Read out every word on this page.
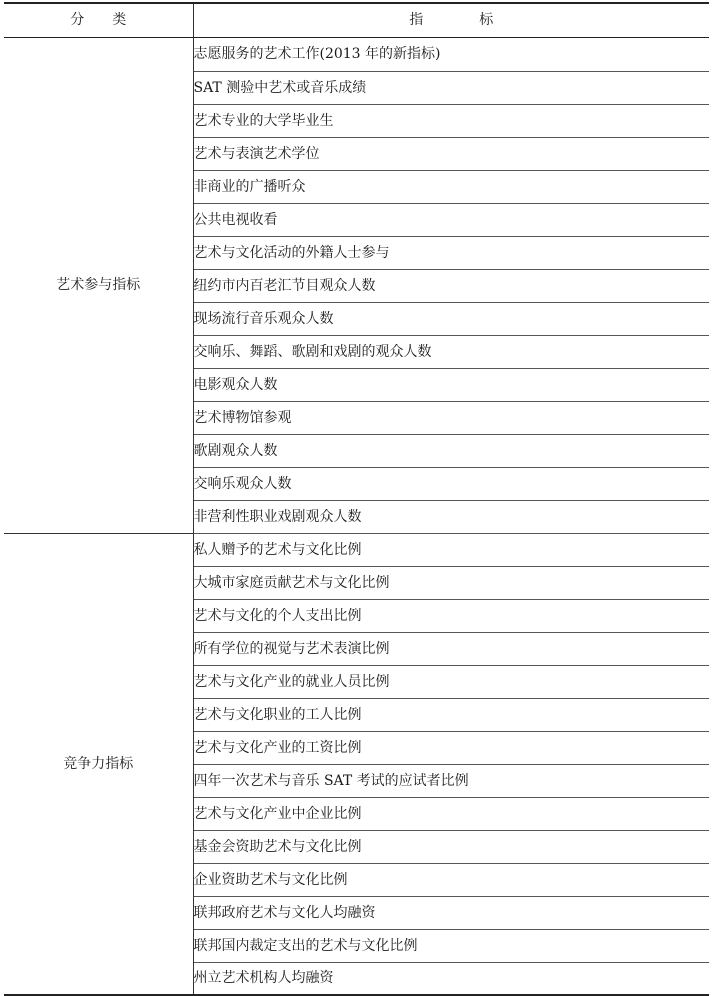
分　　类	指　　　　标
艺术参与指标	志愿服务的艺术工作(2013 年的新指标)
	SAT 测验中艺术或音乐成绩
	艺术专业的大学毕业生
	艺术与表演艺术学位
	非商业的广播听众
	公共电视收看
	艺术与文化活动的外籍人士参与
	纽约市内百老汇节目观众人数
	现场流行音乐观众人数
	交响乐、舞蹈、歌剧和戏剧的观众人数
	电影观众人数
	艺术博物馆参观
	歌剧观众人数
	交响乐观众人数
	非营利性职业戏剧观众人数
竞争力指标	私人赠予的艺术与文化比例
	大城市家庭贡献艺术与文化比例
	艺术与文化的个人支出比例
	所有学位的视觉与艺术表演比例
	艺术与文化产业的就业人员比例
	艺术与文化职业的工人比例
	艺术与文化产业的工资比例
	四年一次艺术与音乐 SAT 考试的应试者比例
	艺术与文化产业中企业比例
	基金会资助艺术与文化比例
	企业资助艺术与文化比例
	联邦政府艺术与文化人均融资
	联邦国内裁定支出的艺术与文化比例
	州立艺术机构人均融资
